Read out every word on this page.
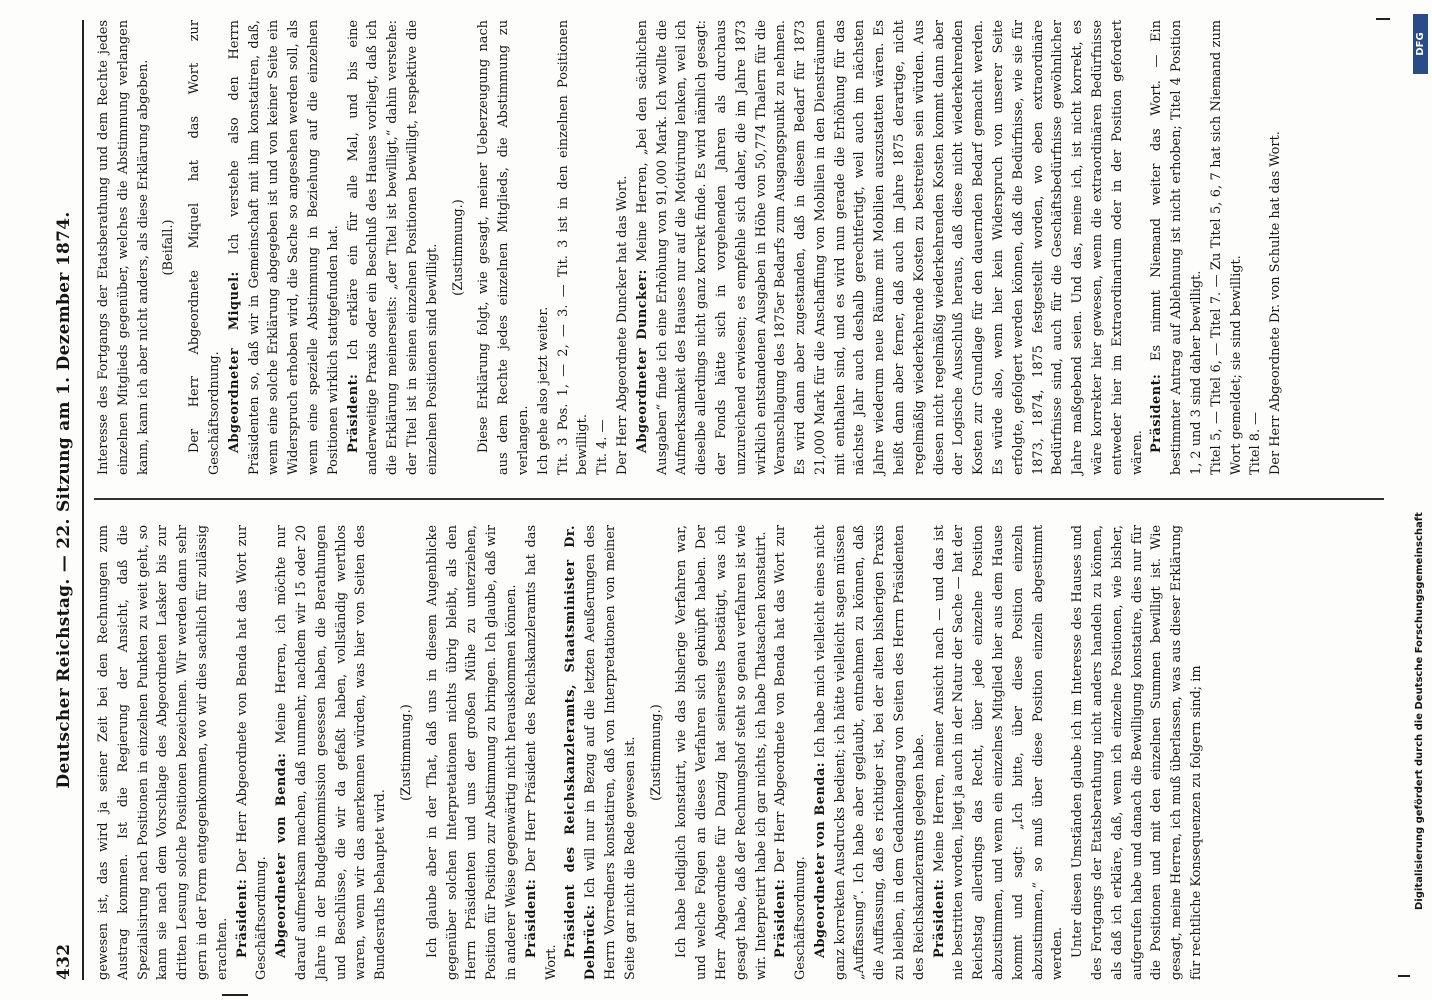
432
Deutscher Reichstag. — 22. Sitzung am 1. Dezember 1874. gewesen ist, das wird ja seiner Zeit bei den Rechnungen zum Austrag kommen. Ist die Regierung der Ansicht, daß die Spezialisirung nach Positionen in einzelnen Punkten zu weit geht, so kann sie nach dem Vorschlage des Abgeordneten Lasker bis zur dritten Lesung solche Positionen bezeichnen. Wir werden dann sehr gern in der Form entgegenkommen, wo wir dies sachlich für zulässig erachten. Präsident: Der Herr Abgeordnete von Benda hat das Wort zur Geschäftsordnung. Abgeordneter von Benda: Meine Herren, ich möchte nur darauf aufmerksam machen, daß nunmehr, nachdem wir 15 oder 20 Jahre in der Budgetkommission gesessen haben, die Berathungen und Beschlüsse, die wir da gefaßt haben, vollständig werthlos waren, wenn wir das anerkennen würden, was hier von Seiten des Bundesraths behauptet wird.

(Zustimmung.) Ich glaube aber in der That, daß uns in diesem Augenblicke gegenüber solchen Interpretationen nichts übrig bleibt, als den Herrn Präsidenten und uns der großen Mühe zu unterziehen, Position für Position zur Abstimmung zu bringen. Ich glaube, daß wir in anderer Weise gegenwärtig nicht herauskommen können. Präsident: Der Herr Präsident des Reichskanzleramts hat das Wort.

Präsident des Reichskanzleramts, Staatsminister Dr. Delbrück: Ich will nur in Bezug auf die letzten Aeußerungen des Herrn Vorredners konstatiren, daß von Interpretationen von meiner Seite gar nicht die Rede gewesen ist. (Zustimmung.) Ich habe lediglich konstatirt, wie das bisherige Verfahren war, und welche Folgen an dieses Verfahren sich geknüpft haben. Der Herr Abgeordnete für Danzig hat seinerseits bestätigt, was ich gesagt habe, daß der Rechnungshof steht so genau verfahren ist wie wir. Interpretirt habe ich gar nichts, ich habe Thatsachen konstatirt. Präsident: Der Herr Abgeordnete von Benda hat das Wort zur Geschäftsordnung. Abgeordneter von Benda: Ich habe mich vielleicht eines nicht ganz korrekten Ausdrucks bedient; ich hätte vielleicht sagen müssen „Auffassung“. Ich habe aber geglaubt, entnehmen zu können, daß die Auffassung, daß es richtiger ist, bei der alten bisherigen Praxis zu bleiben, in dem Gedankengang von Seiten des Herrn Präsidenten des Reichskanzleramts gelegen habe. Präsident: Meine Herren, meiner Ansicht nach — und das ist nie bestritten worden, liegt ja auch in der Natur der Sache — hat der Reichstag allerdings das Recht, über jede einzelne Position abzustimmen, und wenn ein einzelnes Mitglied hier aus dem Hause kommt und sagt: „Ich bitte, über diese Position einzeln abzustimmen,“ so muß über diese Position einzeln abgestimmt werden. Unter diesen Umständen glaube ich im Interesse des Hauses und des Fortgangs der Etatsberathung nicht anders handeln zu können, als daß ich erkläre, daß, wenn ich einzelne Positionen, wie bisher, aufgerufen habe und danach die Bewilligung konstatire, dies nur für die Positionen und mit den einzelnen Summen bewilligt ist. Wie gesagt, meine Herren, ich muß überlassen, was aus dieser Erklärung für rechtliche Konsequenzen zu folgern sind; im

Interesse des Fortgangs der Etatsberathung und dem Rechte jedes einzelnen Mitglieds gegenüber, welches die Abstimmung verlangen kann, kann ich aber nicht anders, als diese Erklärung abgeben. (Beifall.) Der Herr Abgeordnete Miquel hat das Wort zur Geschäftsordnung. Abgeordneter Miquel: Ich verstehe also den Herrn Präsidenten so, daß wir in Gemeinschaft mit ihm konstatiren, daß, wenn eine solche Erklärung abgegeben ist und von keiner Seite ein Widerspruch erhoben wird, die Sache so angesehen werden soll, als wenn eine spezielle Abstimmung in Beziehung auf die einzelnen Positionen wirklich stattgefunden hat. Präsident: Ich erkläre ein für alle Mal, und bis eine anderweitige Praxis oder ein Beschluß des Hauses vorliegt, daß ich die Erklärung meinerseits: „der Titel ist bewilligt,“ dahin verstehe: der Titel ist in seinen einzelnen Positionen bewilligt, respektive die einzelnen Positionen sind bewilligt. (Zustimmung.) Diese Erklärung folgt, wie gesagt, meiner Ueberzeugung nach aus dem Rechte jedes einzelnen Mitglieds, die Abstimmung zu verlangen. Ich gehe also jetzt weiter. Tit. 3 Pos. 1, — 2, — 3. — Tit. 3 ist in den einzelnen Positionen bewilligt. Tit. 4. — Der Herr Abgeordnete Duncker hat das Wort. Abgeordneter Duncker: Meine Herren, „bei den sächlichen Ausgaben“ finde ich eine Erhöhung von 91,000 Mark. Ich wollte die Aufmerksamkeit des Hauses nur auf die Motivirung lenken, weil ich dieselbe allerdings nicht ganz korrekt finde. Es wird nämlich gesagt: der Fonds hätte sich in vorgehenden Jahren als durchaus unzureichend erwiesen; es empfehle sich daher, die im Jahre 1873 wirklich entstandenen Ausgaben in Höhe von 50,774 Thalern für die Veranschlagung des 1875er Bedarfs zum Ausgangspunkt zu nehmen. Es wird dann aber zugestanden, daß in diesem Bedarf für 1873 21,000 Mark für die Anschaffung von Mobilien in den Diensträumen mit enthalten sind, und es wird nun gerade die Erhöhung für das nächste Jahr auch deshalb gerechtfertigt, weil auch im nächsten Jahre wiederum neue Räume mit Mobilien auszustatten wären. Es heißt dann aber ferner, daß auch im Jahre 1875 derartige, nicht regelmäßig wiederkehrende Kosten zu bestreiten sein würden. Aus diesen nicht regelmäßig wiederkehrenden Kosten kommt dann aber der Logische Ausschluß heraus, daß diese nicht wiederkehrenden Kosten zur Grundlage für den dauernden Bedarf gemacht werden. Es würde also, wenn hier kein Widerspruch von unserer Seite erfolgte, gefolgert werden können, daß die Bedürfnisse, wie sie für 1873, 1874, 1875 festgestellt worden, wo eben extraordinäre Bedürfnisse sind, auch für die Geschäftsbedürfnisse gewöhnlicher Jahre maßgebend seien. Und das, meine ich, ist nicht korrekt, es wäre korrekter hier gewesen, wenn die extraordinären Bedürfnisse entweder hier im Extraordinarium oder in der Position gefordert wären. Präsident: Es nimmt Niemand weiter das Wort. — Ein bestimmter Antrag auf Ablehnung ist nicht erhoben; Titel 4 Position 1, 2 und 3 sind daher bewilligt. Titel 5, — Titel 6, — Titel 7. — Zu Titel 5, 6, 7 hat sich Niemand zum Wort gemeldet; sie sind bewilligt. Titel 8. — Der Herr Abgeordnete Dr. von Schulte hat das Wort.

DFG
Digitalisierung gefördert durch die Deutsche Forschungsgemeinschaft
